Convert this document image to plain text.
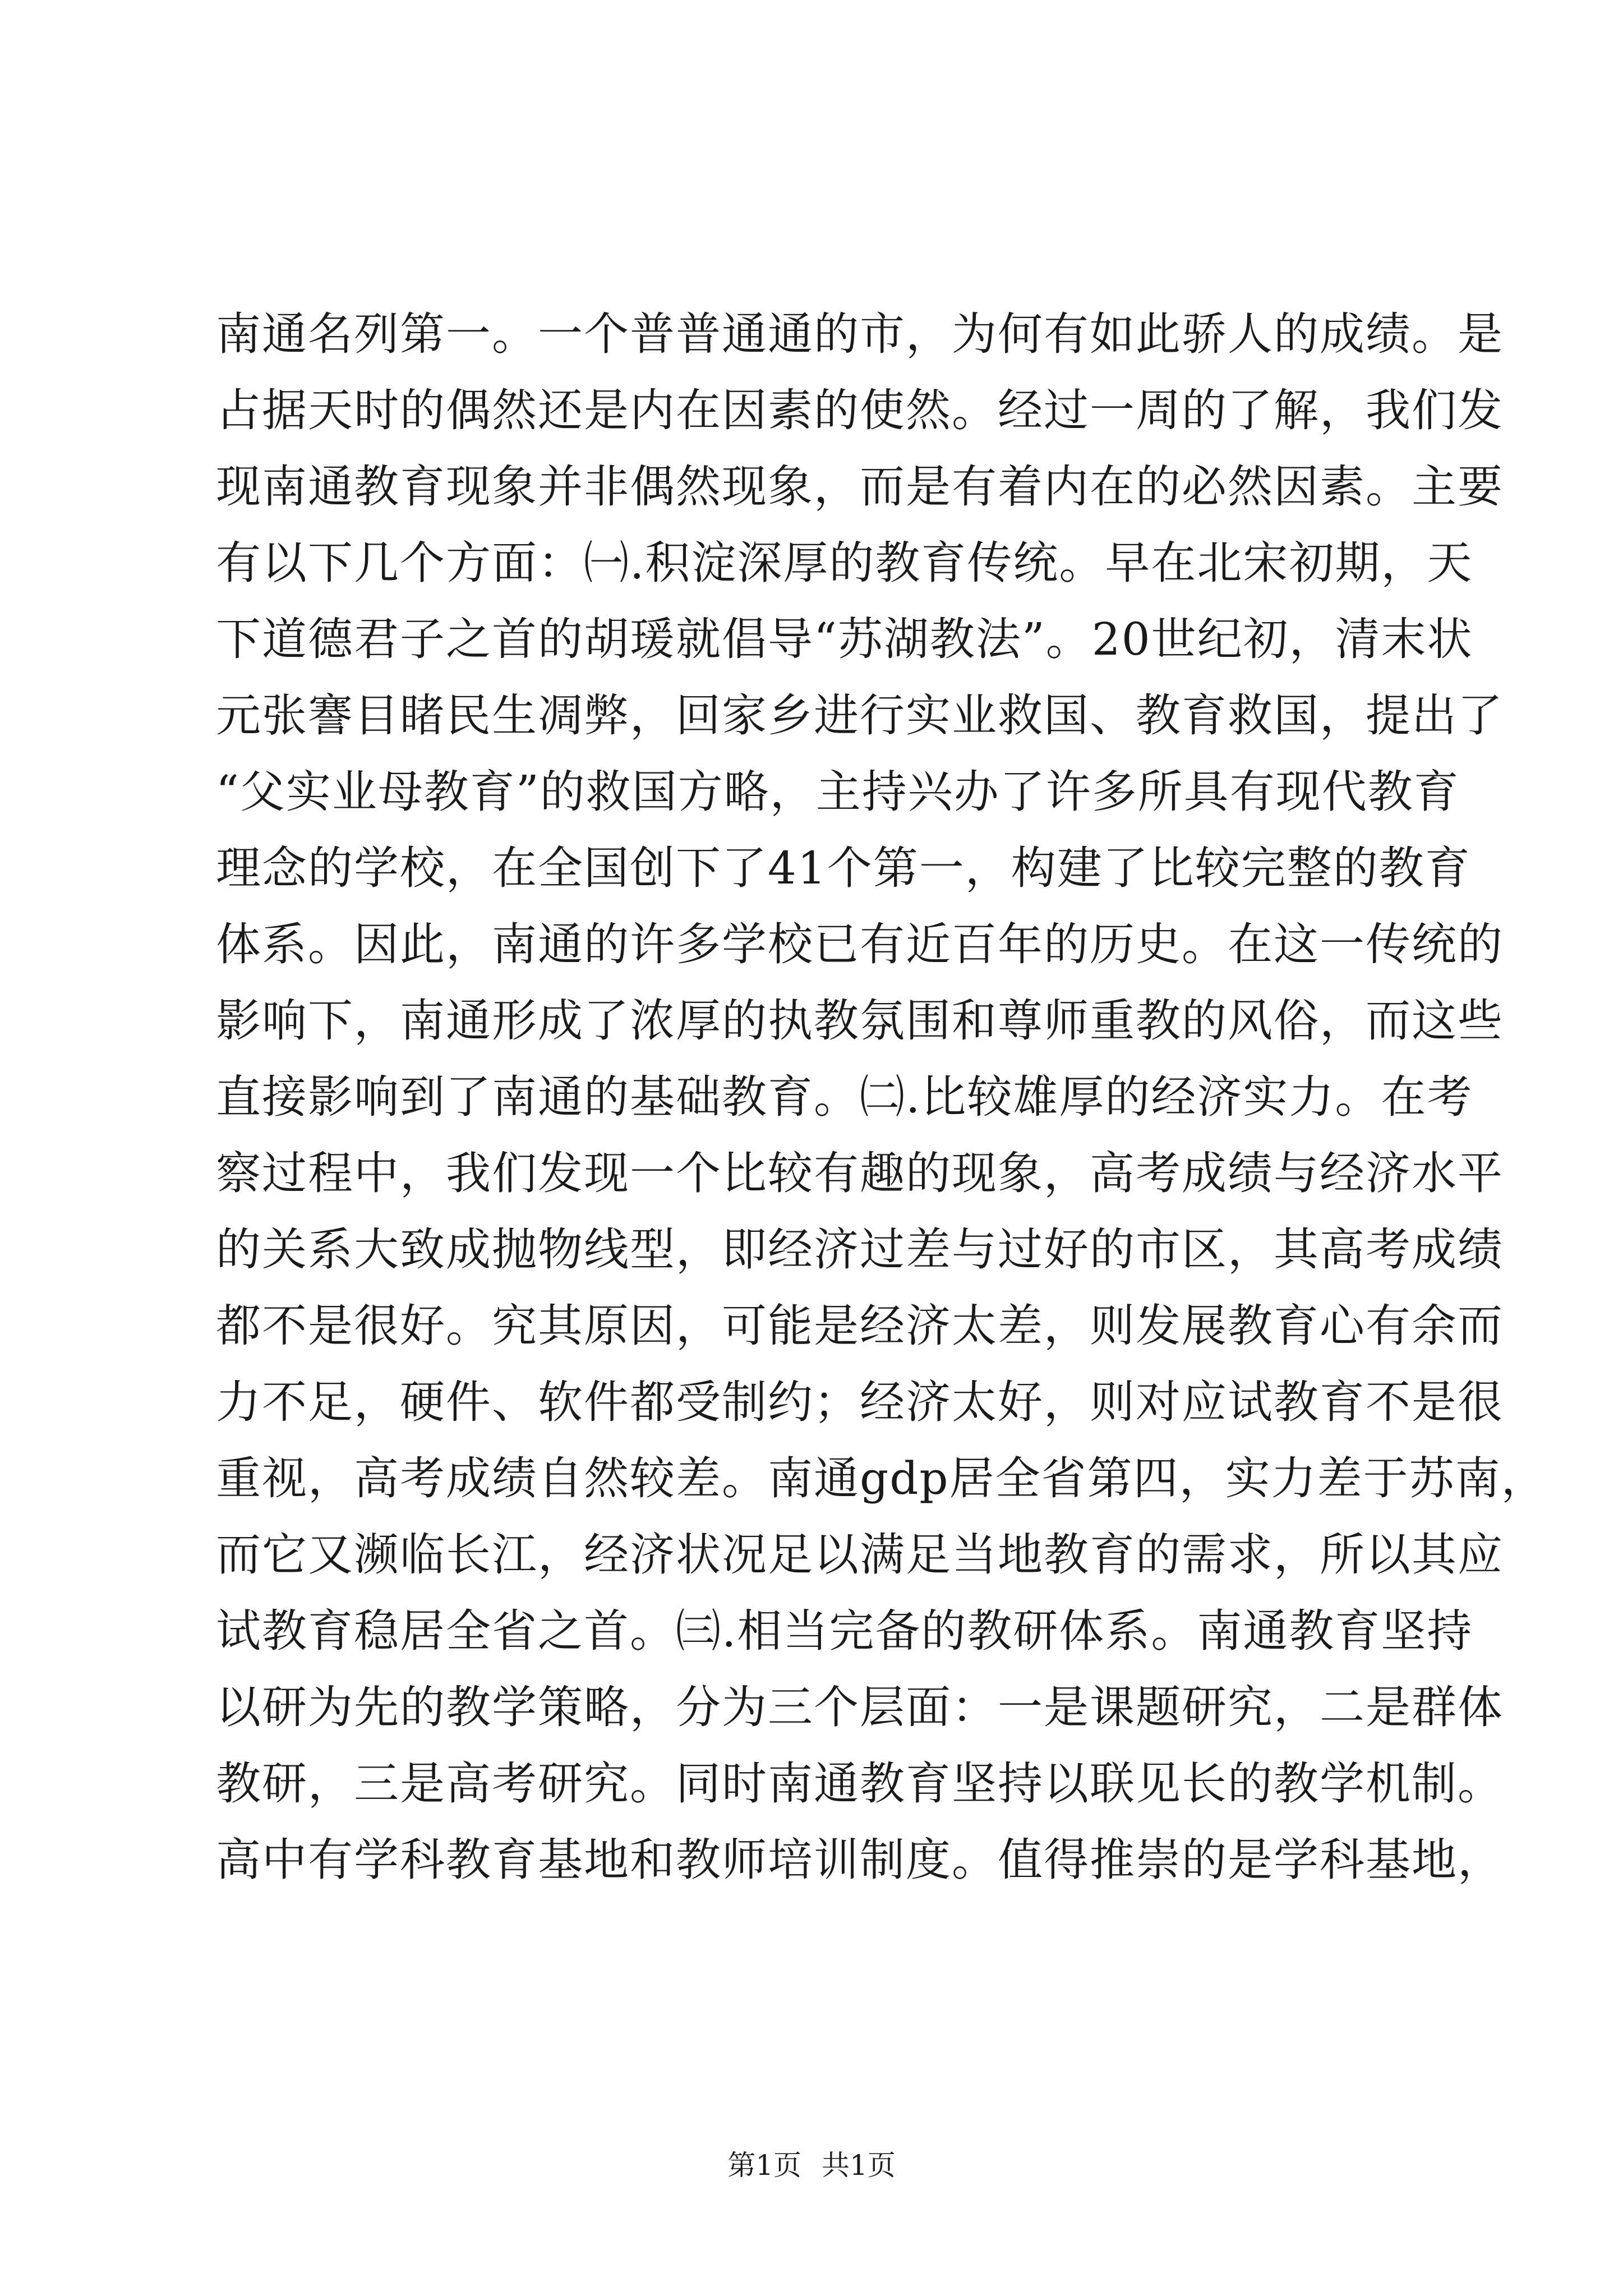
南通名列第一。一个普普通通的市，为何有如此骄人的成绩。是
占据天时的偶然还是内在因素的使然。经过一周的了解，我们发
现南通教育现象并非偶然现象，而是有着内在的必然因素。主要
有以下几个方面：㈠.积淀深厚的教育传统。早在北宋初期，天
下道德君子之首的胡瑗就倡导“苏湖教法”。20世纪初，清末状
元张謇目睹民生凋弊，回家乡进行实业救国、教育救国，提出了
“父实业母教育”的救国方略，主持兴办了许多所具有现代教育
理念的学校，在全国创下了41个第一，构建了比较完整的教育
体系。因此，南通的许多学校已有近百年的历史。在这一传统的
影响下，南通形成了浓厚的执教氛围和尊师重教的风俗，而这些
直接影响到了南通的基础教育。㈡.比较雄厚的经济实力。在考
察过程中，我们发现一个比较有趣的现象，高考成绩与经济水平
的关系大致成抛物线型，即经济过差与过好的市区，其高考成绩
都不是很好。究其原因，可能是经济太差，则发展教育心有余而
力不足，硬件、软件都受制约；经济太好，则对应试教育不是很
重视，高考成绩自然较差。南通gdp居全省第四，实力差于苏南，
而它又濒临长江，经济状况足以满足当地教育的需求，所以其应
试教育稳居全省之首。㈢.相当完备的教研体系。南通教育坚持
以研为先的教学策略，分为三个层面：一是课题研究，二是群体
教研，三是高考研究。同时南通教育坚持以联见长的教学机制。
高中有学科教育基地和教师培训制度。值得推崇的是学科基地，
第1页 共1页
